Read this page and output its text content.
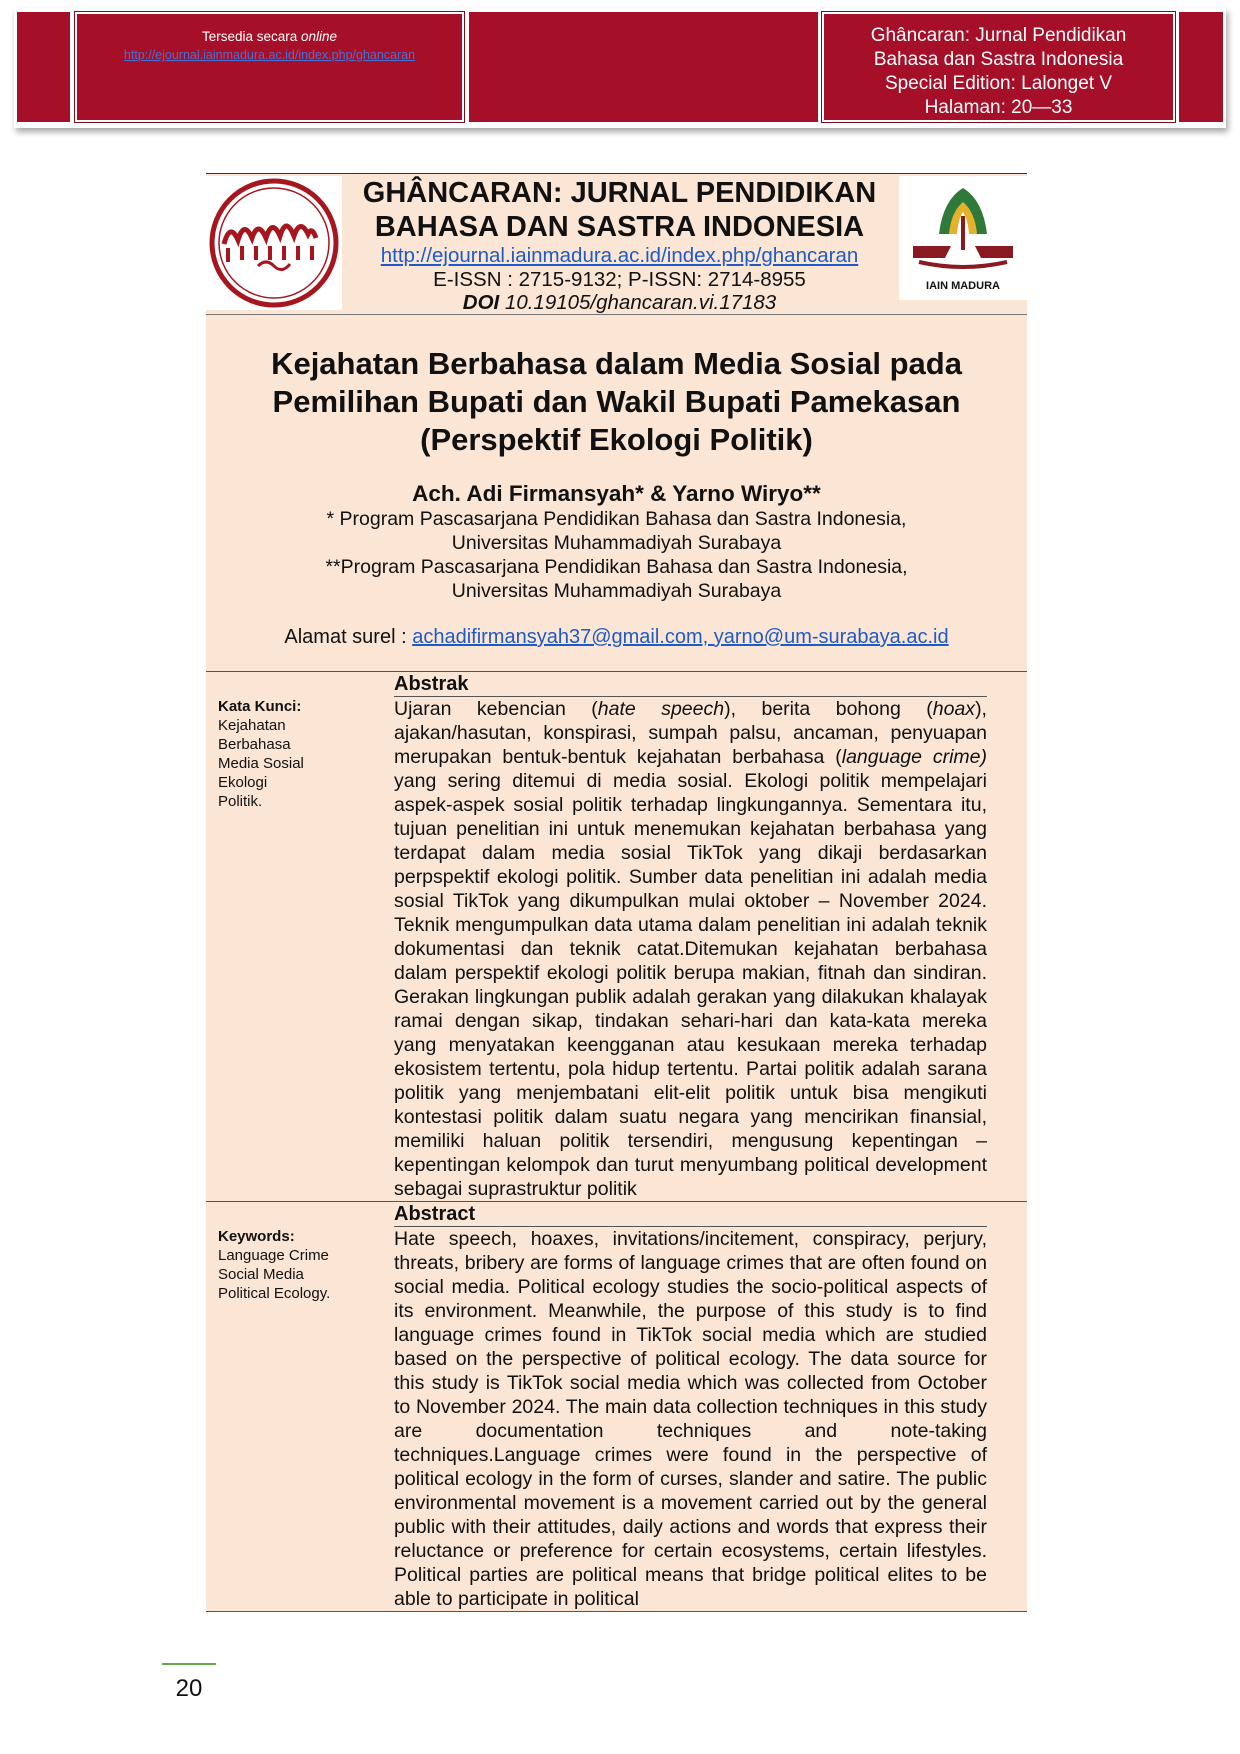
Tersedia secara online
http://ejournal.iainmadura.ac.id/index.php/ghancaran
Ghâncaran: Jurnal Pendidikan
Bahasa dan Sastra Indonesia
Special Edition: Lalonget V
Halaman: 20—33
GHÂNCARAN: JURNAL PENDIDIKAN
BAHASA DAN SASTRA INDONESIA
http://ejournal.iainmadura.ac.id/index.php/ghancaran
E-ISSN : 2715-9132; P-ISSN: 2714-8955
DOI 10.19105/ghancaran.vi.17183
IAIN MADURA
Kejahatan Berbahasa dalam Media Sosial pada
Pemilihan Bupati dan Wakil Bupati Pamekasan
(Perspektif Ekologi Politik)
Ach. Adi Firmansyah* & Yarno Wiryo**
* Program Pascasarjana Pendidikan Bahasa dan Sastra Indonesia,
Universitas Muhammadiyah Surabaya
**Program Pascasarjana Pendidikan Bahasa dan Sastra Indonesia,
Universitas Muhammadiyah Surabaya
Alamat surel : achadifirmansyah37@gmail.com, yarno@um-surabaya.ac.id
Abstrak
Kata Kunci:
Kejahatan
Berbahasa
Media Sosial
Ekologi
Politik.
Ujaran kebencian (hate speech), berita bohong (hoax), ajakan/hasutan, konspirasi, sumpah palsu, ancaman, penyuapan merupakan bentuk-bentuk kejahatan berbahasa (language crime) yang sering ditemui di media sosial. Ekologi politik mempelajari aspek-aspek sosial politik terhadap lingkungannya. Sementara itu, tujuan penelitian ini untuk menemukan kejahatan berbahasa yang terdapat dalam media sosial TikTok yang dikaji berdasarkan perpspektif ekologi politik. Sumber data penelitian ini adalah media sosial TikTok yang dikumpulkan mulai oktober – November 2024. Teknik mengumpulkan data utama dalam penelitian ini adalah teknik dokumentasi dan teknik catat.Ditemukan kejahatan berbahasa dalam perspektif ekologi politik berupa makian, fitnah dan sindiran. Gerakan lingkungan publik adalah gerakan yang dilakukan khalayak ramai dengan sikap, tindakan sehari-hari dan kata-kata mereka yang menyatakan keengganan atau kesukaan mereka terhadap ekosistem tertentu, pola hidup tertentu. Partai politik adalah sarana politik yang menjembatani elit-elit politik untuk bisa mengikuti kontestasi politik dalam suatu negara yang mencirikan finansial, memiliki haluan politik tersendiri, mengusung kepentingan – kepentingan kelompok dan turut menyumbang political development sebagai suprastruktur politik
Abstract
Keywords:
Language Crime
Social Media
Political Ecology.
Hate speech, hoaxes, invitations/incitement, conspiracy, perjury, threats, bribery are forms of language crimes that are often found on social media. Political ecology studies the socio-political aspects of its environment. Meanwhile, the purpose of this study is to find language crimes found in TikTok social media which are studied based on the perspective of political ecology. The data source for this study is TikTok social media which was collected from October to November 2024. The main data collection techniques in this study are documentation techniques and note-taking techniques.Language crimes were found in the perspective of political ecology in the form of curses, slander and satire. The public environmental movement is a movement carried out by the general public with their attitudes, daily actions and words that express their reluctance or preference for certain ecosystems, certain lifestyles. Political parties are political means that bridge political elites to be able to participate in political
20
